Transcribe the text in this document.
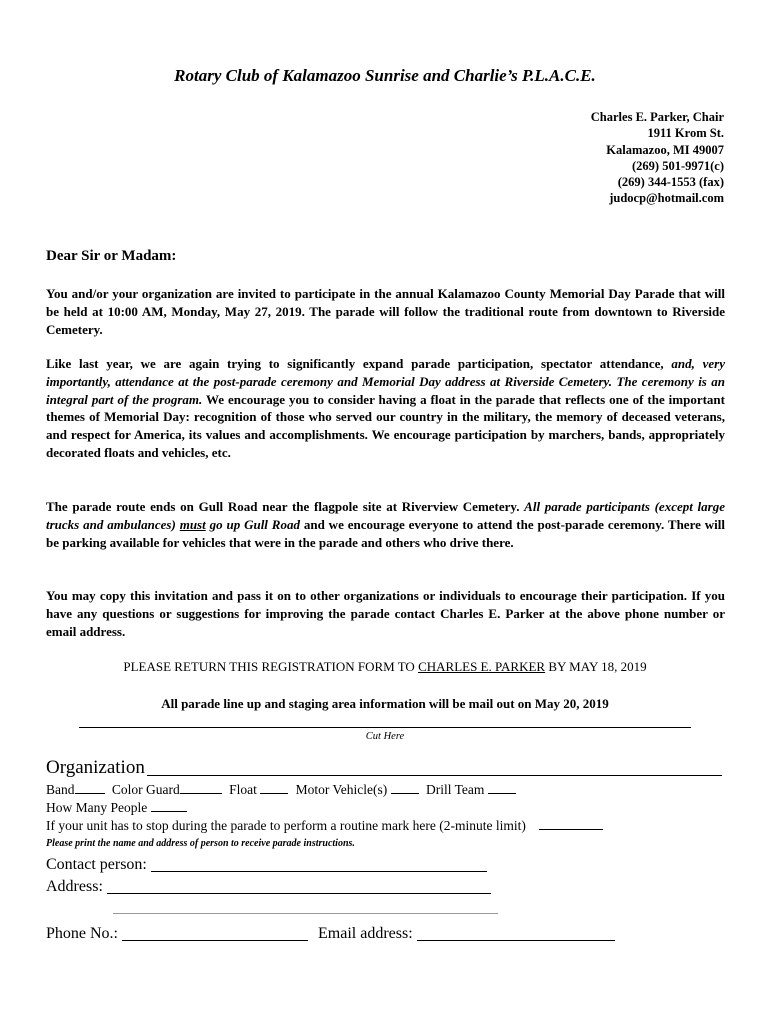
Rotary Club of Kalamazoo Sunrise and Charlie’s P.L.A.C.E.
Charles E. Parker, Chair
1911 Krom St.
Kalamazoo, MI 49007
(269) 501-9971(c)
(269) 344-1553 (fax)
judocp@hotmail.com
Dear Sir or Madam:
You and/or your organization are invited to participate in the annual Kalamazoo County Memorial Day Parade that will be held at 10:00 AM, Monday, May 27, 2019. The parade will follow the traditional route from downtown to Riverside Cemetery.
Like last year, we are again trying to significantly expand parade participation, spectator attendance, and, very importantly, attendance at the post-parade ceremony and Memorial Day address at Riverside Cemetery. The ceremony is an integral part of the program. We encourage you to consider having a float in the parade that reflects one of the important themes of Memorial Day: recognition of those who served our country in the military, the memory of deceased veterans, and respect for America, its values and accomplishments. We encourage participation by marchers, bands, appropriately decorated floats and vehicles, etc.
The parade route ends on Gull Road near the flagpole site at Riverview Cemetery. All parade participants (except large trucks and ambulances) must go up Gull Road and we encourage everyone to attend the post-parade ceremony. There will be parking available for vehicles that were in the parade and others who drive there.
You may copy this invitation and pass it on to other organizations or individuals to encourage their participation. If you have any questions or suggestions for improving the parade contact Charles E. Parker at the above phone number or email address.
PLEASE RETURN THIS REGISTRATION FORM TO CHARLES E. PARKER BY MAY 18, 2019
All parade line up and staging area information will be mail out on May 20, 2019
Cut Here
Organization
Band	Color Guard	Float	Motor Vehicle(s)	Drill Team
How Many People
If your unit has to stop during the parade to perform a routine mark here (2-minute limit)
Please print the name and address of person to receive parade instructions.
Contact person:
Address:
Phone No.:	Email address:
